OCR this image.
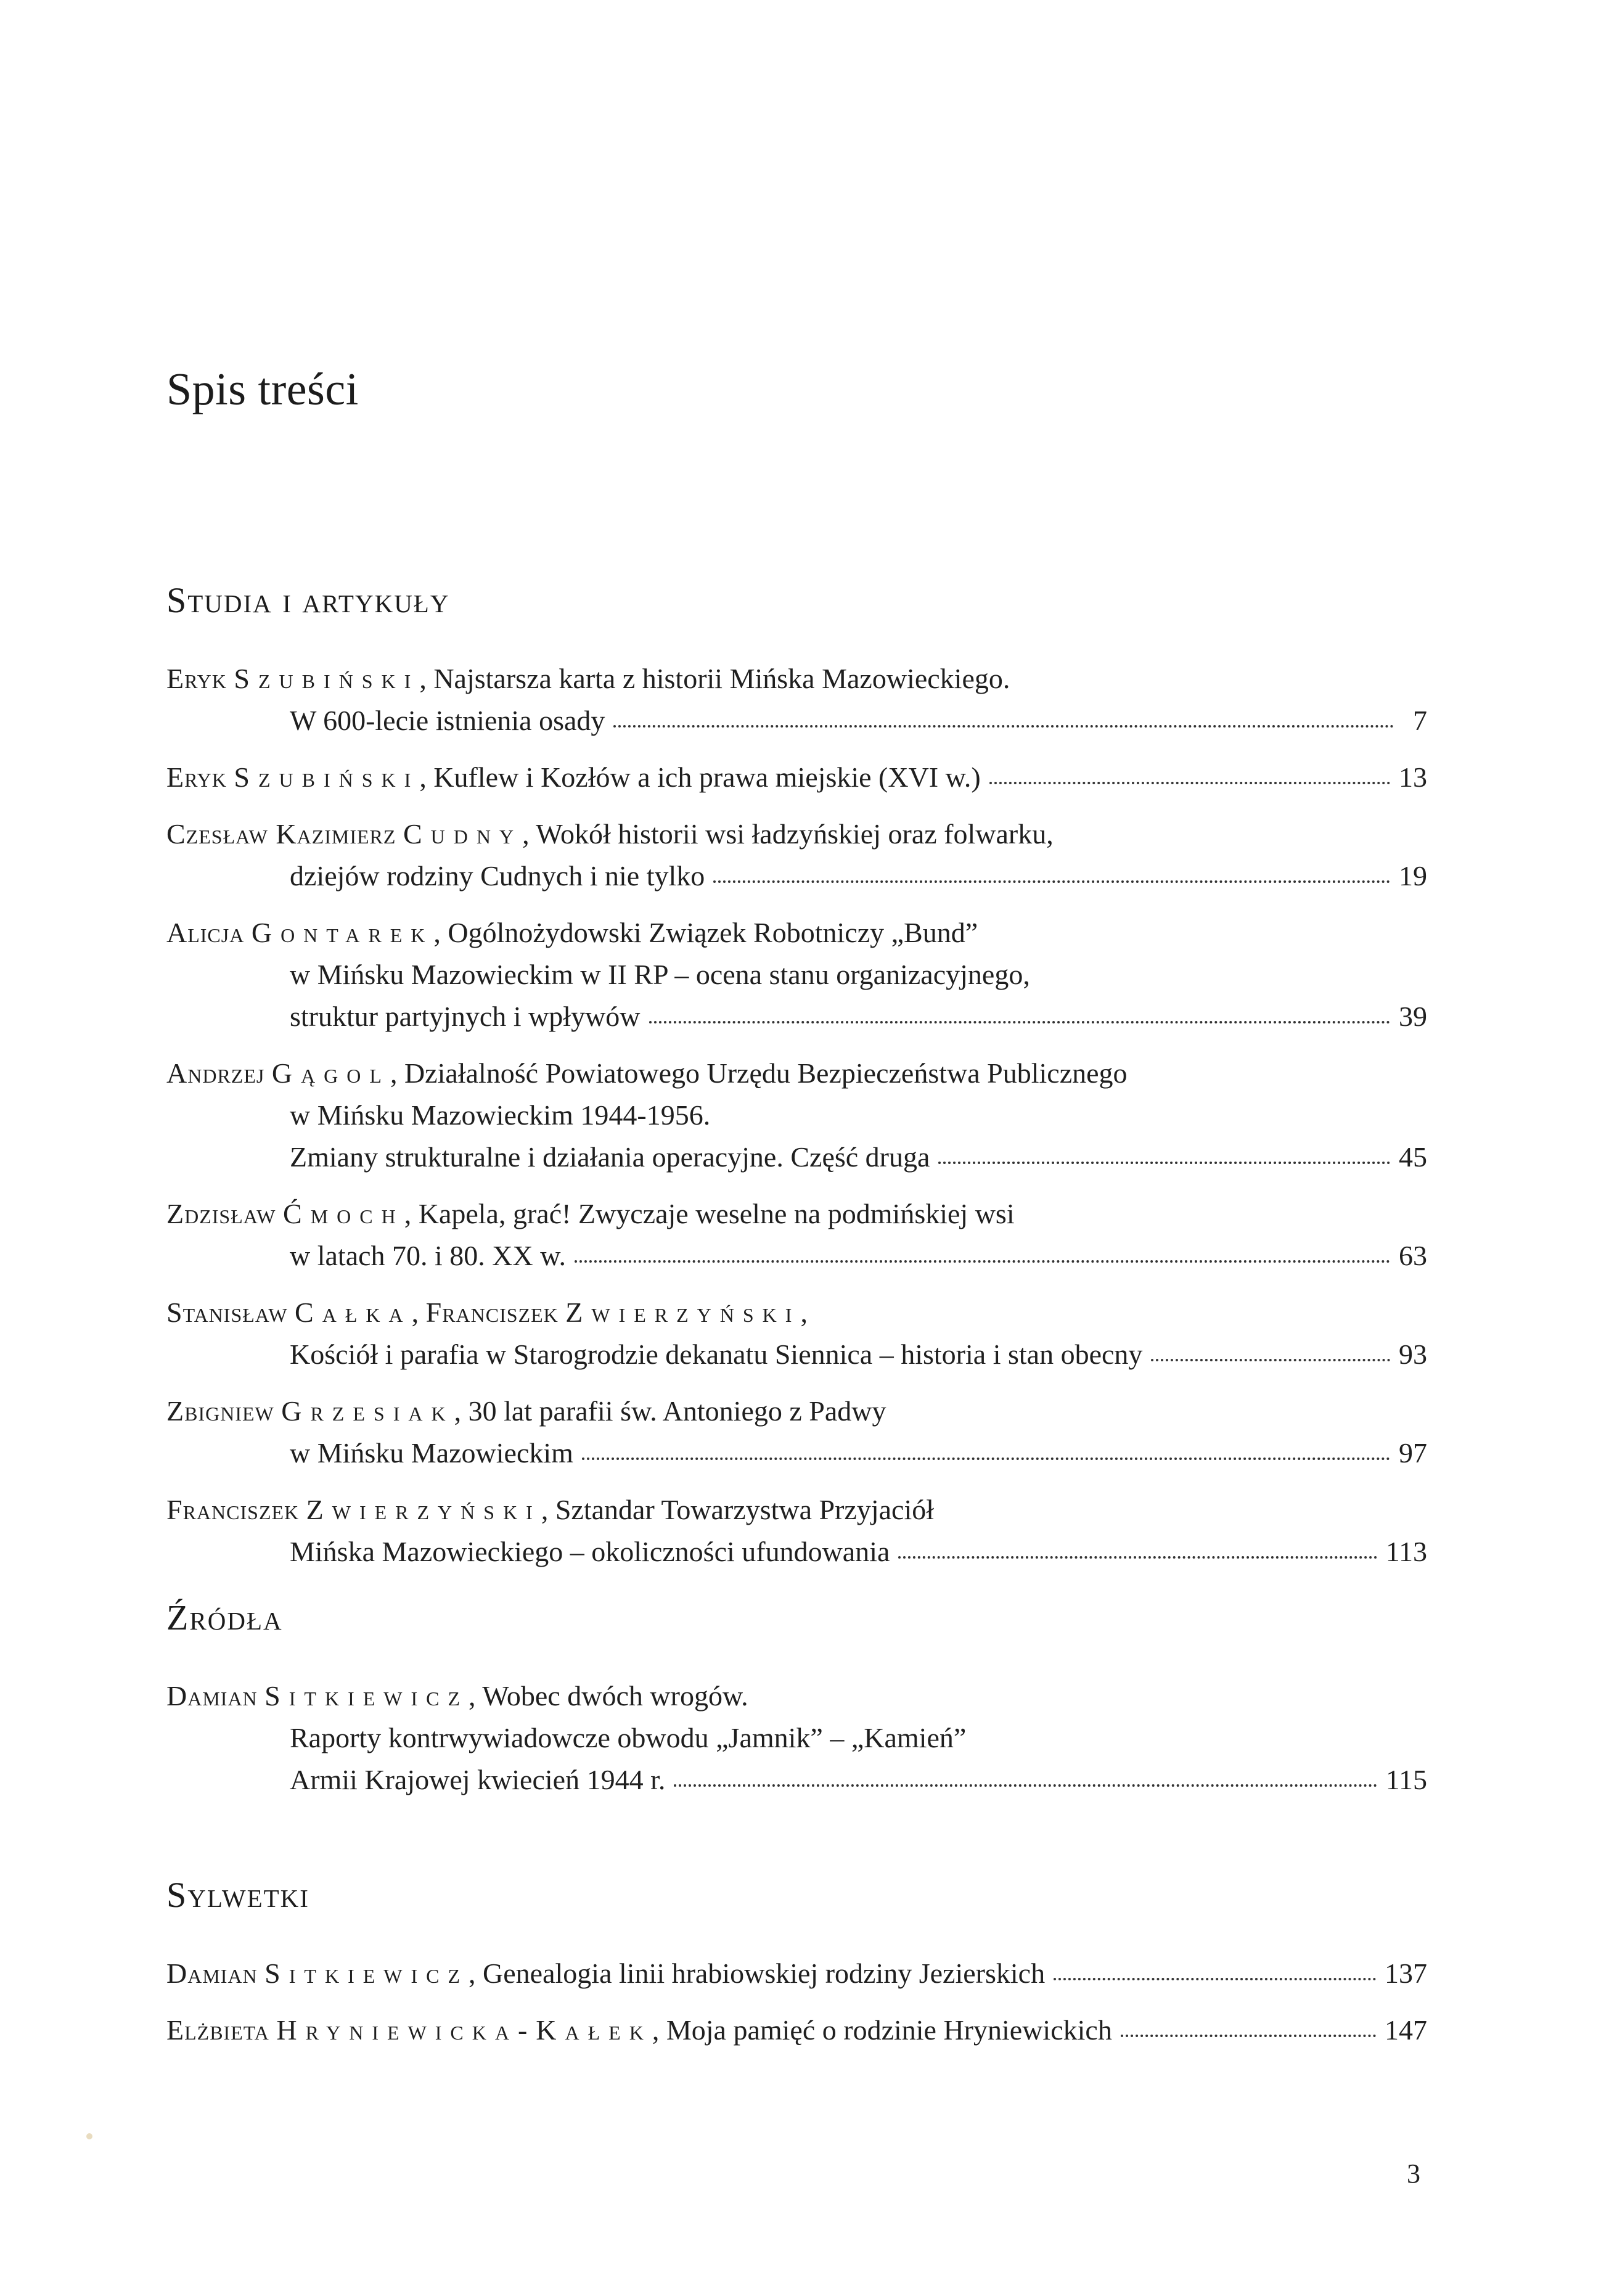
Spis treści
Studia i artykuły
Eryk
Szubiński , Najstarsza karta z historii Mińska Mazowieckiego.
W 600-lecie istnienia osady	7
Eryk
Szubiński , Kuflew i Kozłów a ich prawa miejskie (XVI w.)	13
Czesław Kazimierz
Cudny , Wokół historii wsi ładzyńskiej oraz folwarku,
dziejów rodziny Cudnych i nie tylko	19
Alicja
Gontarek , Ogólnożydowski Związek Robotniczy „Bund”
w Mińsku Mazowieckim w II RP – ocena stanu organizacyjnego,
struktur partyjnych i wpływów	39
Andrzej
Gągol , Działalność Powiatowego Urzędu Bezpieczeństwa Publicznego
w Mińsku Mazowieckim 1944-1956.
Zmiany strukturalne i działania operacyjne. Część druga	45
Zdzisław
Ćmoch , Kapela, grać! Zwyczaje weselne na podmińskiej wsi
w latach 70. i 80. XX w.	63
Stanisław
Całka , Franciszek
Zwierzyński ,
Kościół i parafia w Starogrodzie dekanatu Siennica – historia i stan obecny	93
Zbigniew
Grzesiak , 30 lat parafii św. Antoniego z Padwy
w Mińsku Mazowieckim	97
Franciszek
Zwierzyński , Sztandar Towarzystwa Przyjaciół
Mińska Mazowieckiego – okoliczności ufundowania	113
Źródła
Damian
Sitkiewicz , Wobec dwóch wrogów.
Raporty kontrwywiadowcze obwodu „Jamnik” – „Kamień”
Armii Krajowej kwiecień 1944 r.	115
Sylwetki
Damian
Sitkiewicz , Genealogia linii hrabiowskiej rodziny Jezierskich	137
Elżbieta
Hryniewicka-Kałek , Moja pamięć o rodzinie Hryniewickich	147
3
